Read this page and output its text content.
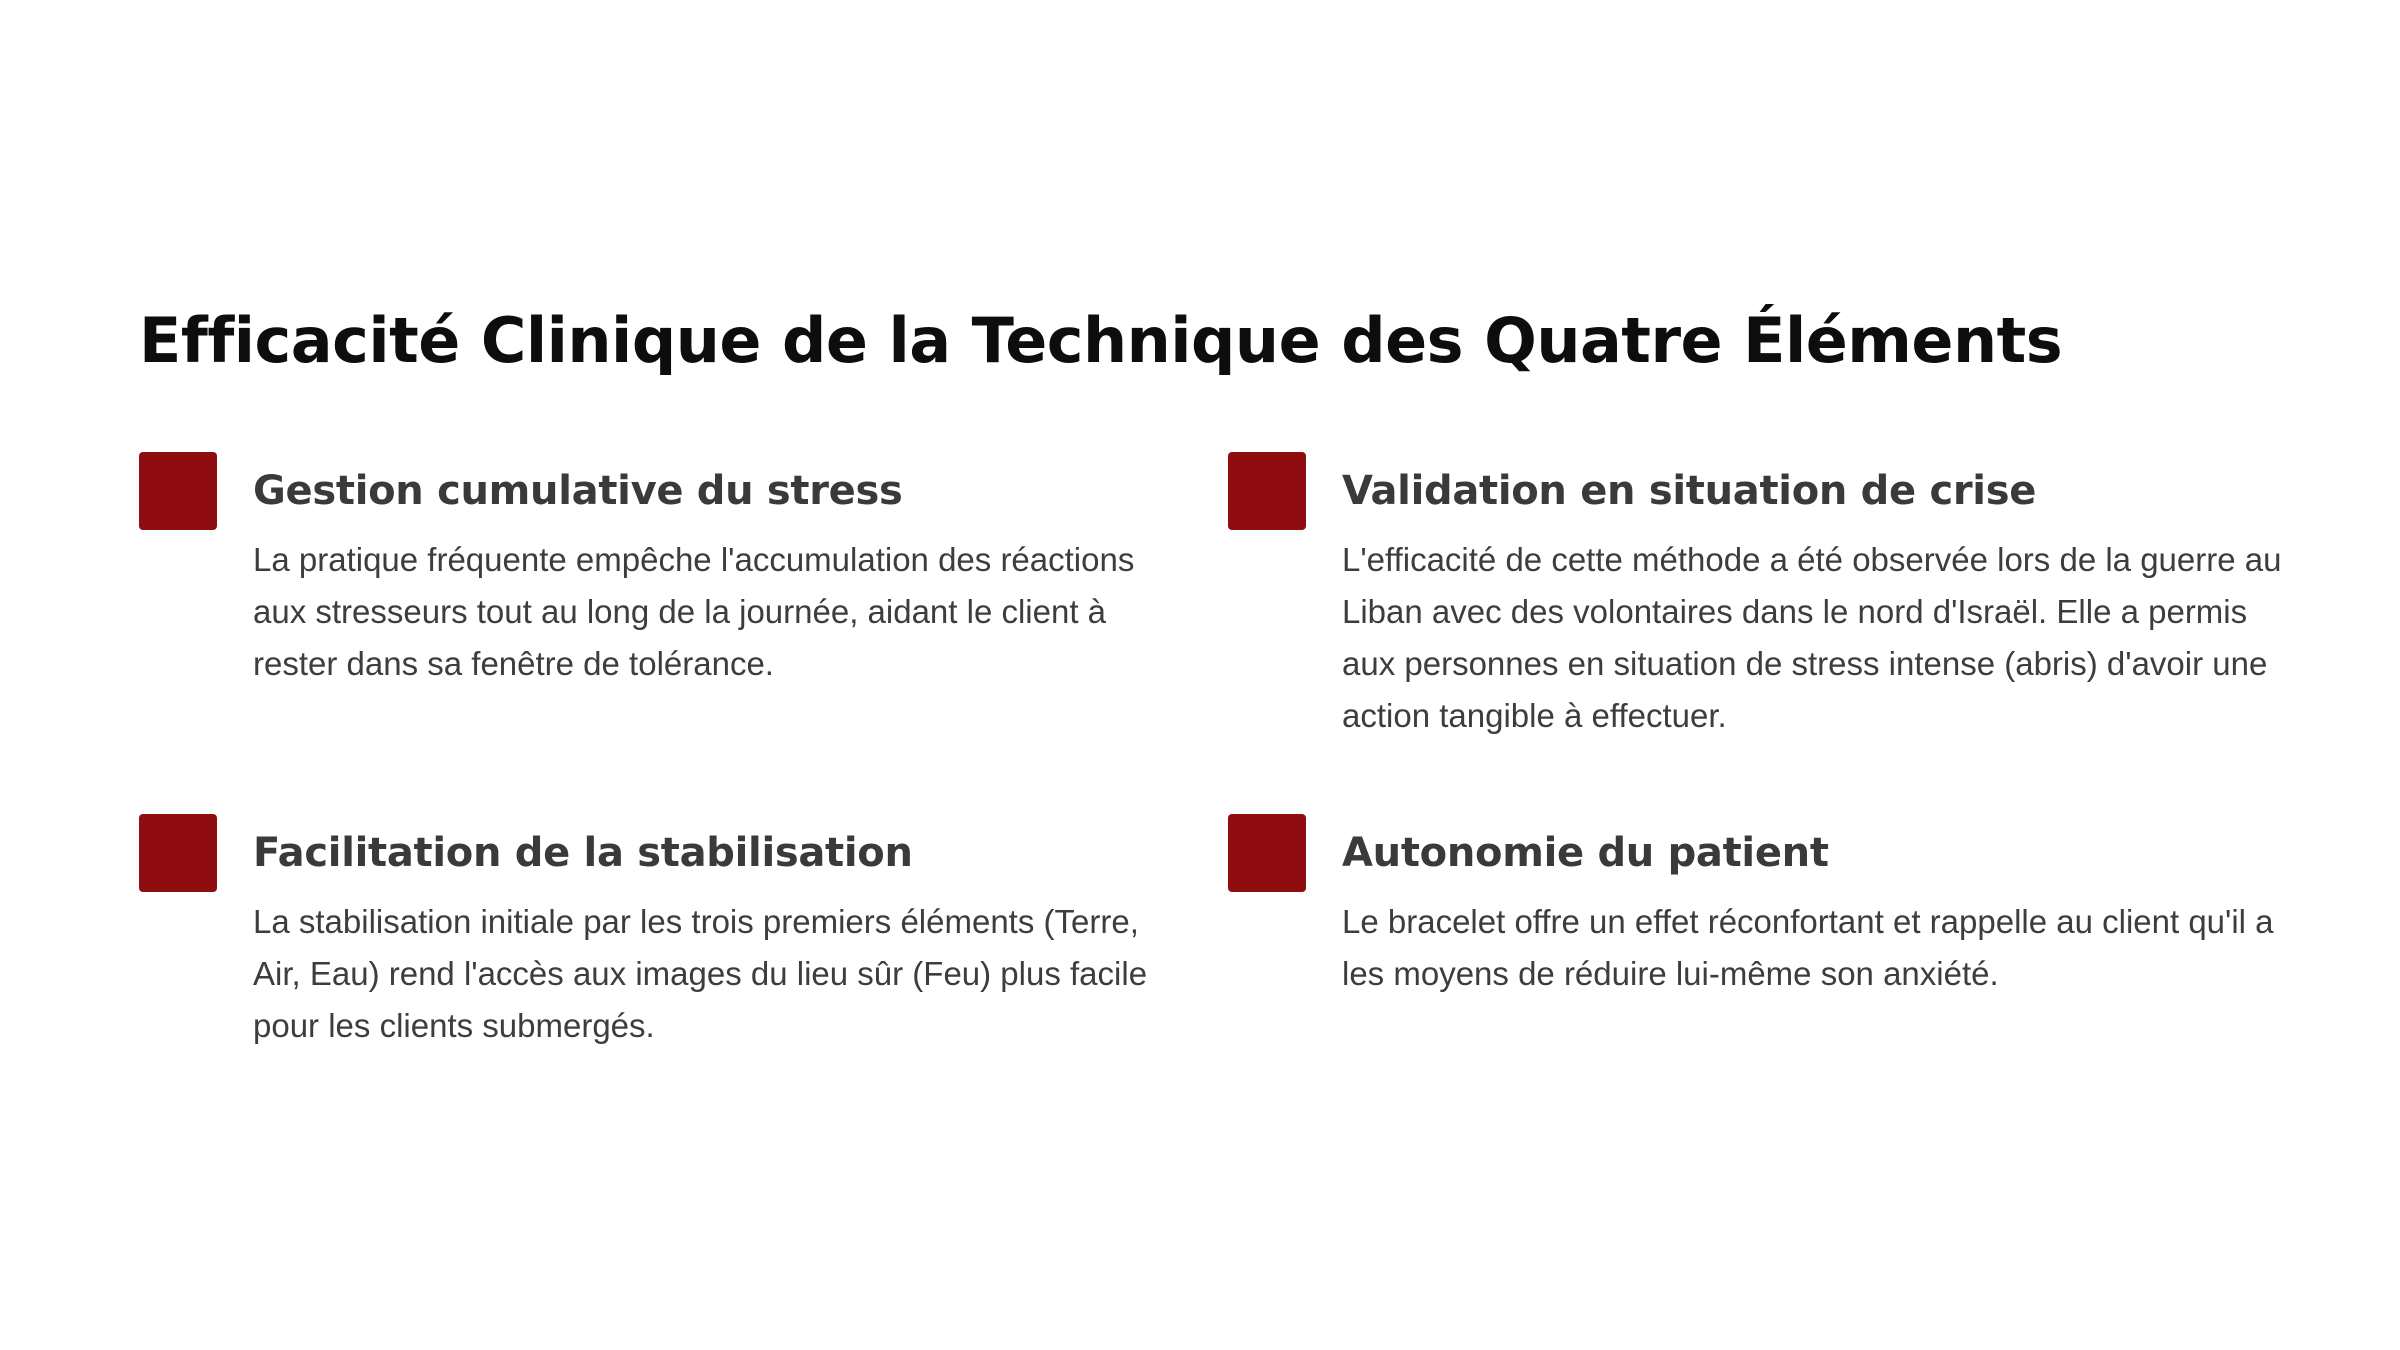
Efficacité Clinique de la Technique des Quatre Éléments
Gestion cumulative du stress

La pratique fréquente empêche l'accumulation des réactions aux stresseurs tout au long de la journée, aidant le client à rester dans sa fenêtre de tolérance.

Validation en situation de crise

L'efficacité de cette méthode a été observée lors de la guerre au Liban avec des volontaires dans le nord d'Israël. Elle a permis aux personnes en situation de stress intense (abris) d'avoir une action tangible à effectuer.

Facilitation de la stabilisation

La stabilisation initiale par les trois premiers éléments (Terre, Air, Eau) rend l'accès aux images du lieu sûr (Feu) plus facile pour les clients submergés.

Autonomie du patient

Le bracelet offre un effet réconfortant et rappelle au client qu'il a les moyens de réduire lui-même son anxiété.
